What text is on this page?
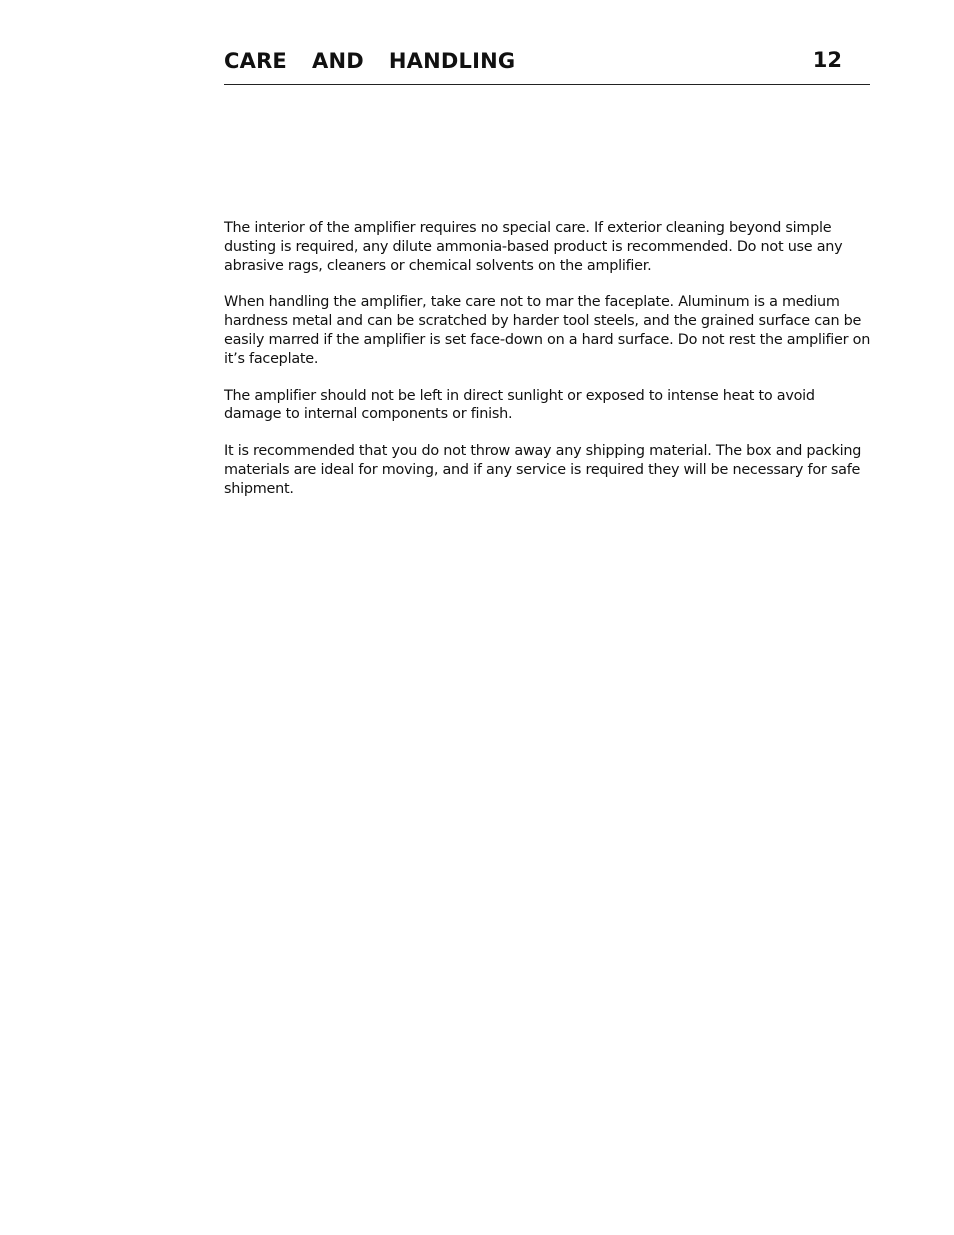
CARE  AND  HANDLING	12

The interior of the amplifier requires no special care. If exterior cleaning beyond simple dusting is required, any dilute ammonia-based product is recommended. Do not use any abrasive rags, cleaners or chemical solvents on the amplifier.

When handling the amplifier, take care not to mar the faceplate. Aluminum is a medium hardness metal and can be scratched by harder tool steels, and the grained surface can be easily marred if the amplifier is set face-down on a hard surface. Do not rest the amplifier on it’s faceplate.

The amplifier should not be left in direct sunlight or exposed to intense heat to avoid damage to internal components or finish.

It is recommended that you do not throw away any shipping material. The box and packing materials are ideal for moving, and if any service is required they will be necessary for safe shipment.
